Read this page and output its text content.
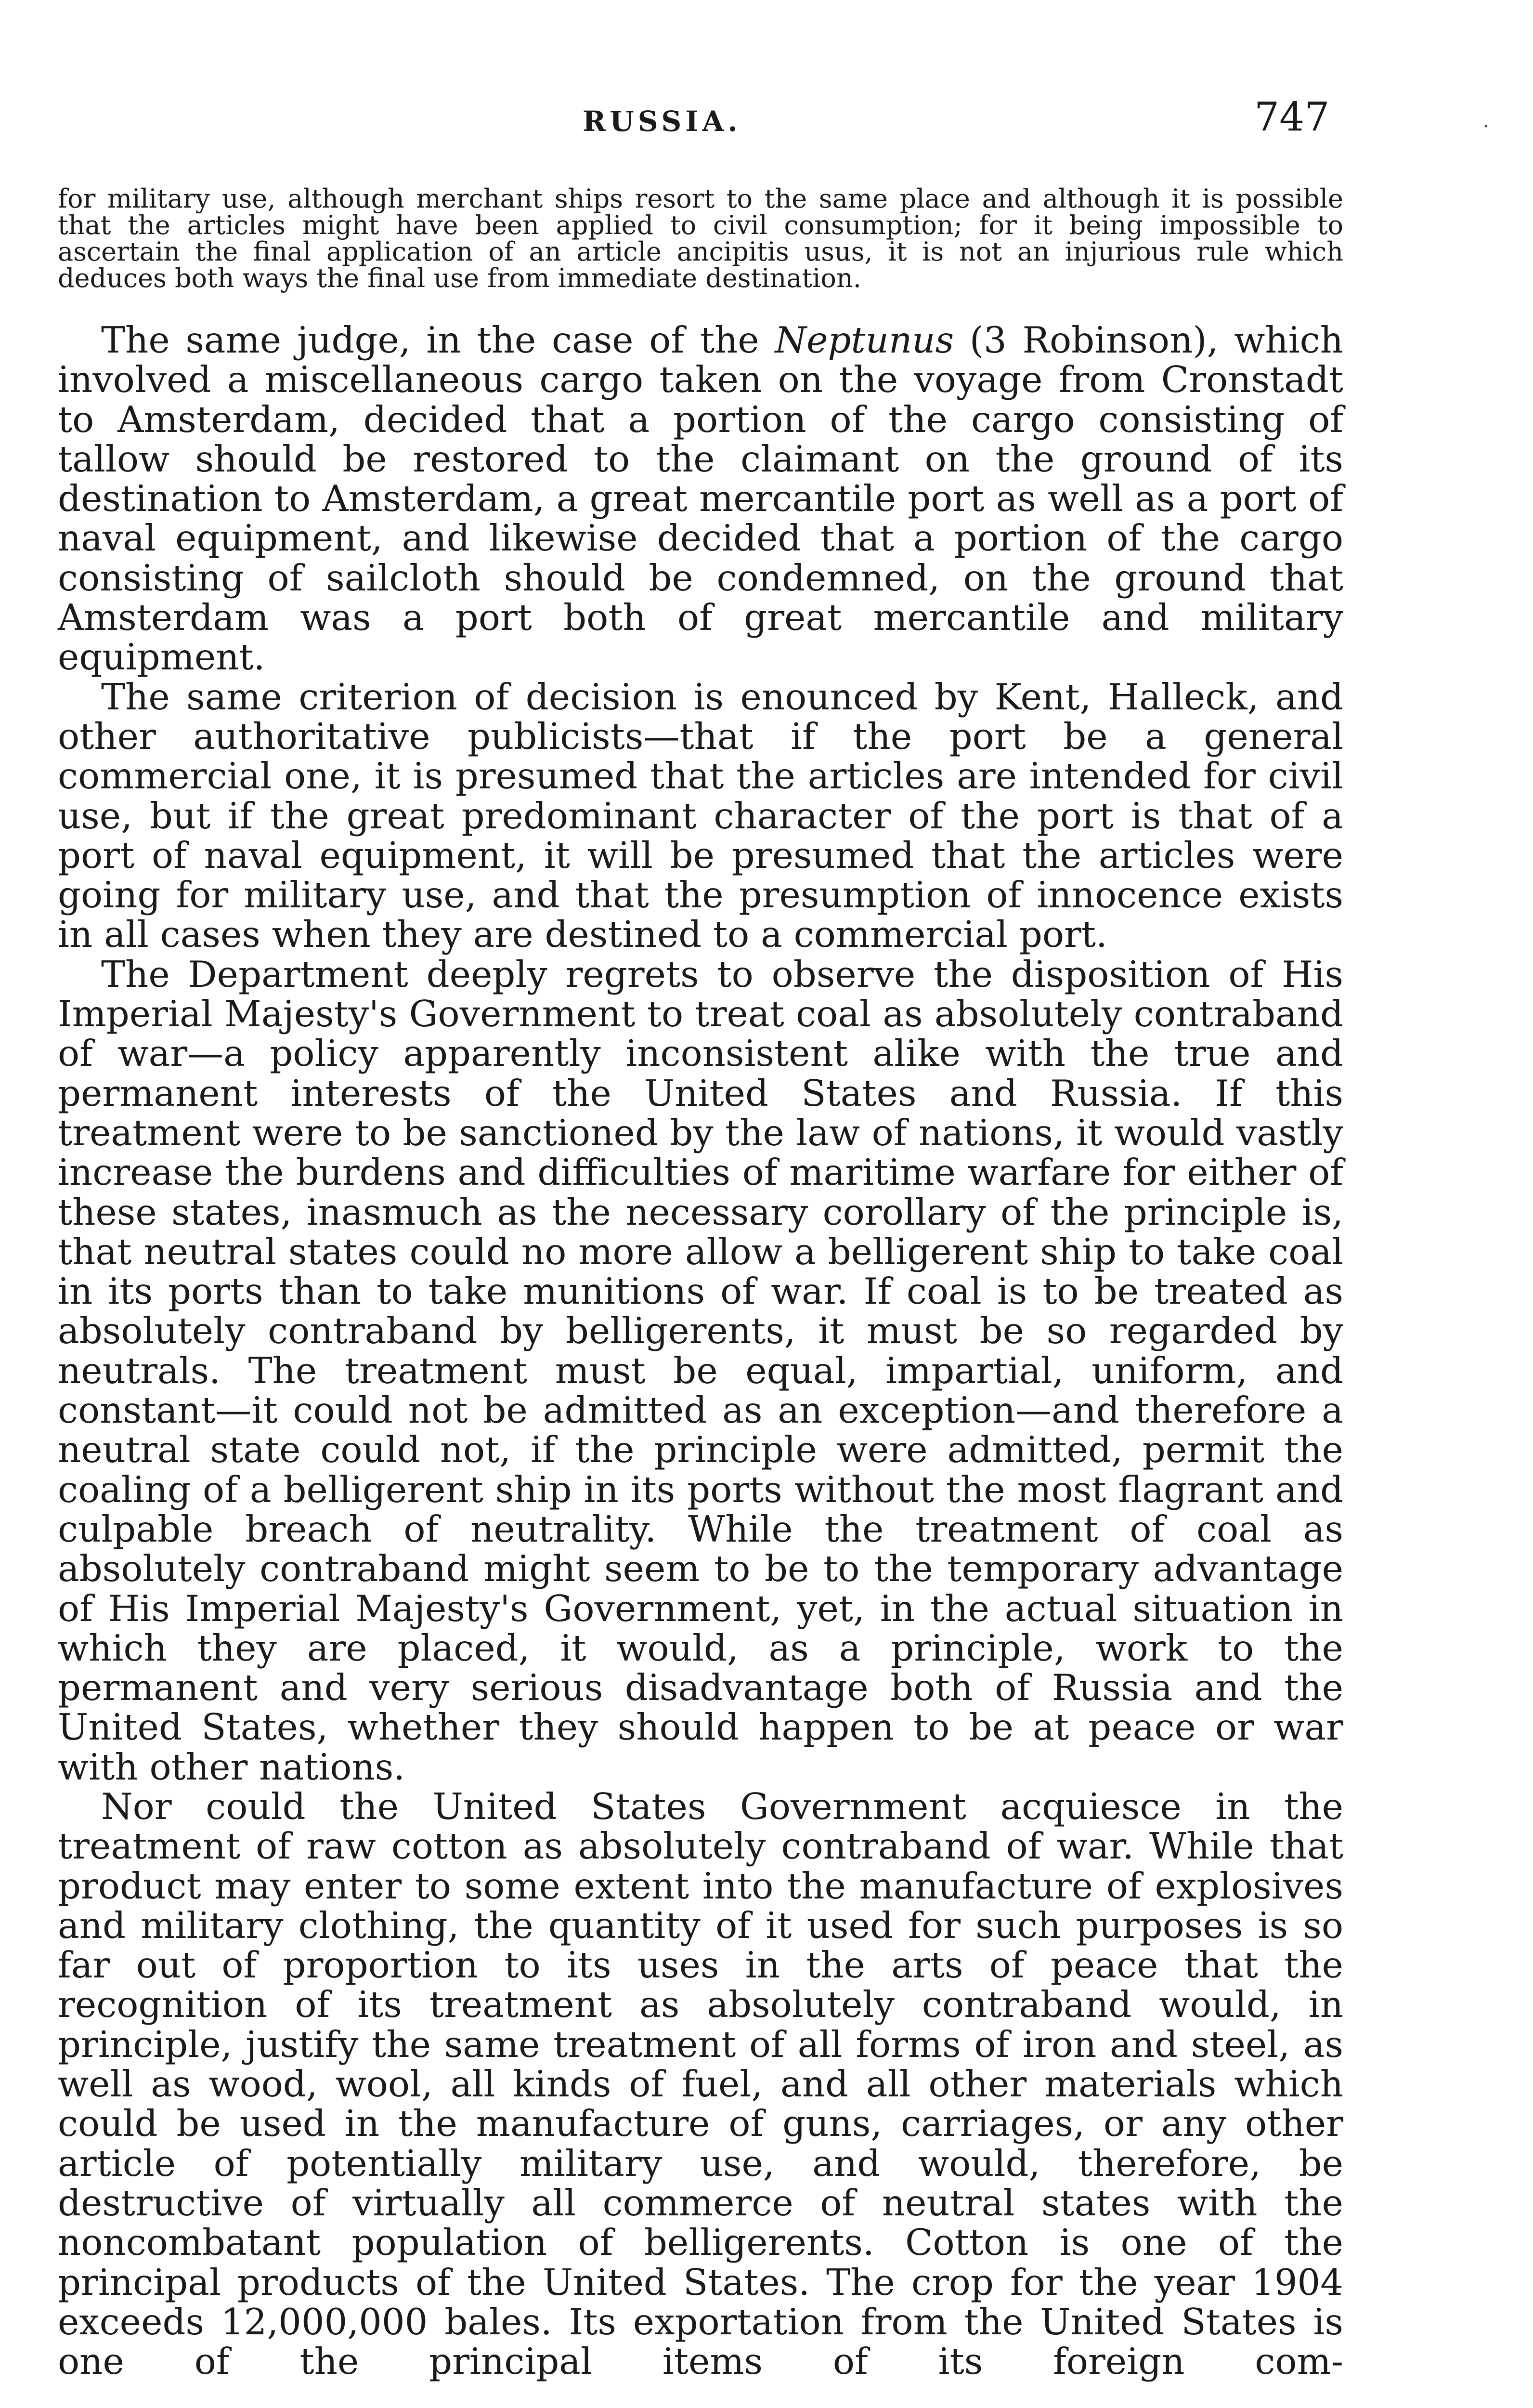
RUSSIA.	747	·

for military use, although merchant ships resort to the same place and although it is possible that the articles might have been applied to civil consumption; for it being impossible to ascertain the final application of an article ancipitis usus, it is not an injurious rule which deduces both ways the final use from immediate destination.

The same judge, in the case of the Neptunus (3 Robinson), which involved a miscellaneous cargo taken on the voyage from Cronstadt to Amsterdam, decided that a portion of the cargo consisting of tallow should be restored to the claimant on the ground of its destination to Amsterdam, a great mercantile port as well as a port of naval equipment, and likewise decided that a portion of the cargo consisting of sailcloth should be condemned, on the ground that Amsterdam was a port both of great mercantile and military equipment.

The same criterion of decision is enounced by Kent, Halleck, and other authoritative publicists—that if the port be a general commercial one, it is presumed that the articles are intended for civil use, but if the great predominant character of the port is that of a port of naval equipment, it will be presumed that the articles were going for military use, and that the presumption of innocence exists in all cases when they are destined to a commercial port.

The Department deeply regrets to observe the disposition of His Imperial Majesty's Government to treat coal as absolutely contraband of war—a policy apparently inconsistent alike with the true and permanent interests of the United States and Russia. If this treatment were to be sanctioned by the law of nations, it would vastly increase the burdens and difficulties of maritime warfare for either of these states, inasmuch as the necessary corollary of the principle is, that neutral states could no more allow a belligerent ship to take coal in its ports than to take munitions of war. If coal is to be treated as absolutely contraband by belligerents, it must be so regarded by neutrals. The treatment must be equal, impartial, uniform, and constant—it could not be admitted as an exception—and therefore a neutral state could not, if the principle were admitted, permit the coaling of a belligerent ship in its ports without the most flagrant and culpable breach of neutrality. While the treatment of coal as absolutely contraband might seem to be to the temporary advantage of His Imperial Majesty's Government, yet, in the actual situation in which they are placed, it would, as a principle, work to the permanent and very serious disadvantage both of Russia and the United States, whether they should happen to be at peace or war with other nations.

Nor could the United States Government acquiesce in the treatment of raw cotton as absolutely contraband of war. While that product may enter to some extent into the manufacture of explosives and military clothing, the quantity of it used for such purposes is so far out of proportion to its uses in the arts of peace that the recognition of its treatment as absolutely contraband would, in principle, justify the same treatment of all forms of iron and steel, as well as wood, wool, all kinds of fuel, and all other materials which could be used in the manufacture of guns, carriages, or any other article of potentially military use, and would, therefore, be destructive of virtually all commerce of neutral states with the noncombatant population of belligerents. Cotton is one of the principal products of the United States. The crop for the year 1904 exceeds 12,000,000 bales. Its exportation from the United States is one of the principal items of its foreign com-
